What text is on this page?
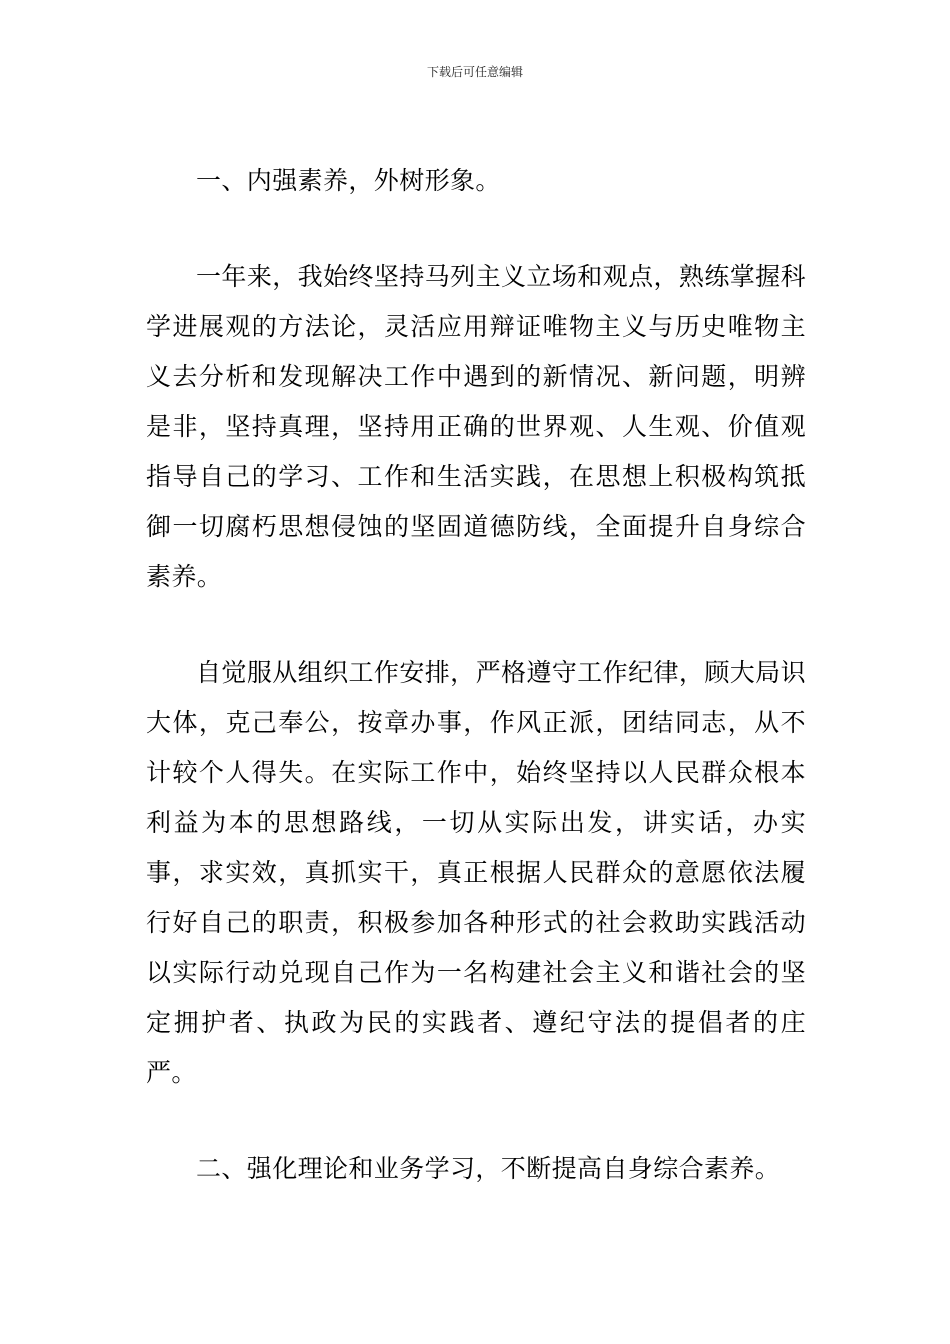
下载后可任意编辑

一、内强素养，外树形象。

一年来，我始终坚持马列主义立场和观点，熟练掌握科学进展观的方法论，灵活应用辩证唯物主义与历史唯物主义去分析和发现解决工作中遇到的新情况、新问题，明辨是非，坚持真理，坚持用正确的世界观、人生观、价值观指导自己的学习、工作和生活实践，在思想上积极构筑抵御一切腐朽思想侵蚀的坚固道德防线，全面提升自身综合素养。

自觉服从组织工作安排，严格遵守工作纪律，顾大局识大体，克己奉公，按章办事，作风正派，团结同志，从不计较个人得失。在实际工作中，始终坚持以人民群众根本利益为本的思想路线，一切从实际出发，讲实话，办实事，求实效，真抓实干，真正根据人民群众的意愿依法履行好自己的职责，积极参加各种形式的社会救助实践活动以实际行动兑现自己作为一名构建社会主义和谐社会的坚定拥护者、执政为民的实践者、遵纪守法的提倡者的庄严。

二、强化理论和业务学习，不断提高自身综合素养。
